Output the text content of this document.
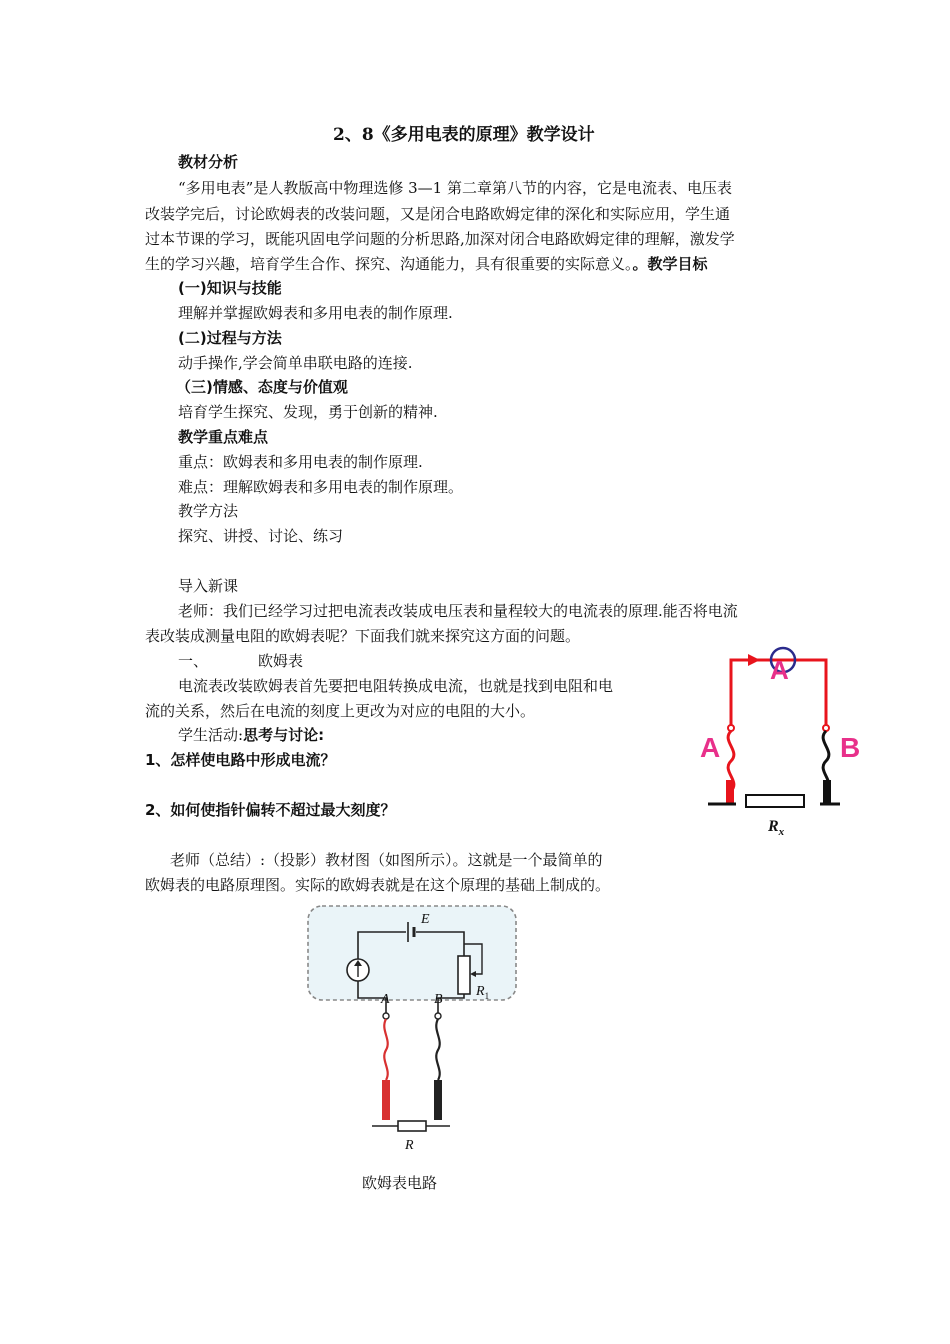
2、8《多用电表的原理》教学设计
教材分析
“多用电表”是人教版高中物理选修 3—1 第二章第八节的内容，它是电流表、电压表
改装学完后，讨论欧姆表的改装问题，又是闭合电路欧姆定律的深化和实际应用，学生通
过本节课的学习，既能巩固电学问题的分析思路,加深对闭合电路欧姆定律的理解，激发学
生的学习兴趣，培育学生合作、探究、沟通能力，具有很重要的实际意义。。教学目标
(一)知识与技能
理解并掌握欧姆表和多用电表的制作原理.
(二)过程与方法
动手操作,学会简单串联电路的连接.
（三)情感、态度与价值观
培育学生探究、发现，勇于创新的精神.
教学重点难点
重点：欧姆表和多用电表的制作原理.
难点：理解欧姆表和多用电表的制作原理。
教学方法
探究、讲授、讨论、练习
导入新课
老师：我们已经学习过把电流表改装成电压表和量程较大的电流表的原理.能否将电流
表改装成测量电阻的欧姆表呢？下面我们就来探究这方面的问题。
一、	欧姆表
电流表改装欧姆表首先要把电阻转换成电流，也就是找到电阻和电
流的关系，然后在电流的刻度上更改为对应的电阻的大小。
学生活动:思考与讨论:
1、怎样使电路中形成电流？
2、如何使指针偏转不超过最大刻度？
老师（总结）:（投影）教材图（如图所示）。这就是一个最简单的
欧姆表的电路原理图。实际的欧姆表就是在这个原理的基础上制成的。
A
A	B
$R_x$
E
$R_1$
A	B
R
欧姆表电路
